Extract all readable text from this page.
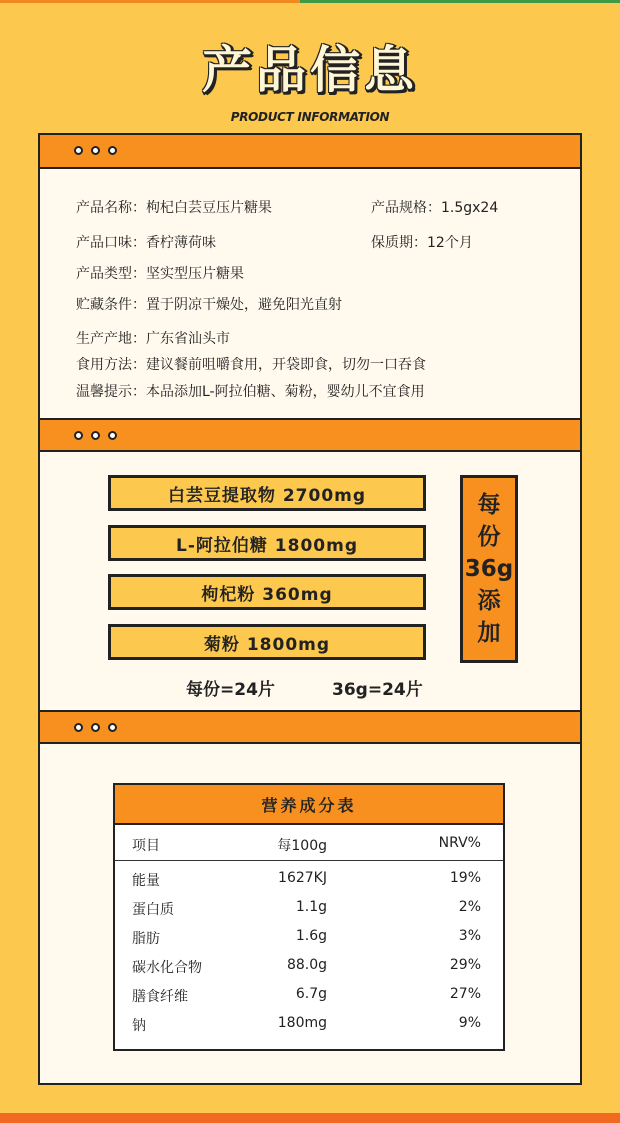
产品信息
PRODUCT INFORMATION
产品名称：枸杞白芸豆压片糖果	产品规格：1.5gx24
产品口味：香柠薄荷味	保质期：12个月
产品类型：坚实型压片糖果
贮藏条件：置于阴凉干燥处，避免阳光直射
生产产地：广东省汕头市
食用方法：建议餐前咀嚼食用，开袋即食，切勿一口吞食
温馨提示：本品添加L-阿拉伯糖、菊粉，婴幼儿不宜食用
白芸豆提取物 2700mg
L-阿拉伯糖 1800mg
枸杞粉 360mg
菊粉 1800mg
每
份
36g
添
加
每份=24片	36g=24片
营养成分表
项目	每100g	NRV%
能量	1627KJ	19%
蛋白质	1.1g	2%
脂肪	1.6g	3%
碳水化合物	88.0g	29%
膳食纤维	6.7g	27%
钠	180mg	9%
